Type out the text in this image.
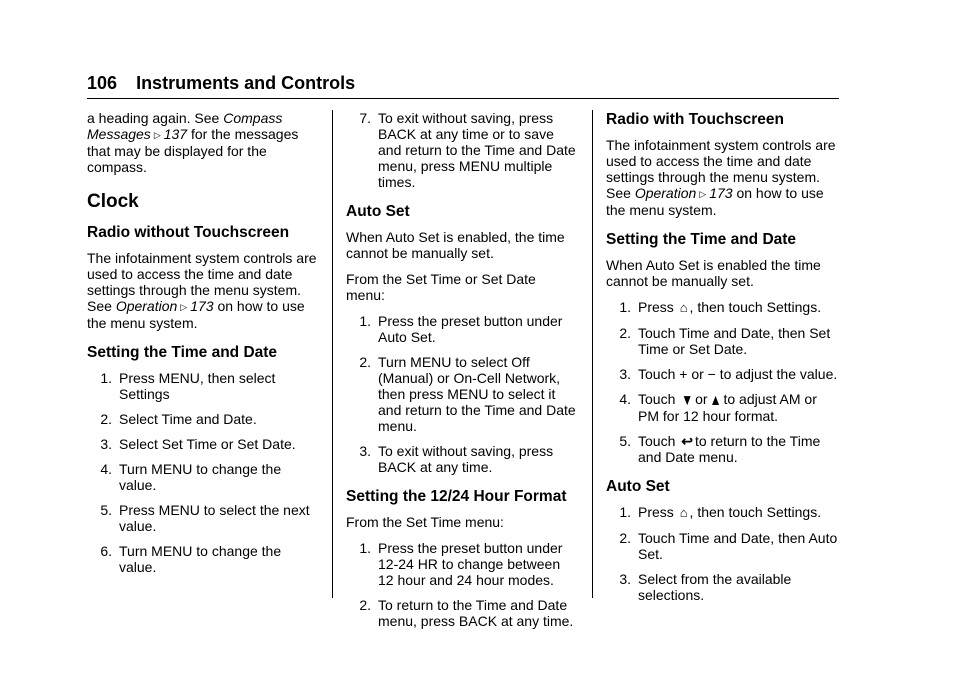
106 Instruments and Controls

a heading again. See Compass Messages ▷ 137 for the messages that may be displayed for the compass.

Clock
Radio without Touchscreen

The infotainment system controls are used to access the time and date settings through the menu system. See Operation ▷ 173 on how to use the menu system.

Setting the Time and Date
1. Press MENU, then select Settings
2. Select Time and Date.
3. Select Set Time or Set Date.
4. Turn MENU to change the value.
5. Press MENU to select the next value.
6. Turn MENU to change the value.
7. To exit without saving, press BACK at any time or to save and return to the Time and Date menu, press MENU multiple times.
Auto Set

When Auto Set is enabled, the time cannot be manually set.

From the Set Time or Set Date menu:

1. Press the preset button under Auto Set.
2. Turn MENU to select Off (Manual) or On-Cell Network, then press MENU to select it and return to the Time and Date menu.
3. To exit without saving, press BACK at any time.
Setting the 12/24 Hour Format

From the Set Time menu:

1. Press the preset button under 12-24 HR to change between 12 hour and 24 hour modes.
2. To return to the Time and Date menu, press BACK at any time.
Radio with Touchscreen

The infotainment system controls are used to access the time and date settings through the menu system. See Operation ▷ 173 on how to use the menu system.

Setting the Time and Date

When Auto Set is enabled the time cannot be manually set.

1. Press ⌂ , then touch Settings.
2. Touch Time and Date, then Set Time or Set Date.
3. Touch + or − to adjust the value.
4. Touch ▼ or ▲ to adjust AM or PM for 12 hour format.
5. Touch ↩ to return to the Time and Date menu.
Auto Set
1. Press ⌂ , then touch Settings.
2. Touch Time and Date, then Auto Set.
3. Select from the available selections.
